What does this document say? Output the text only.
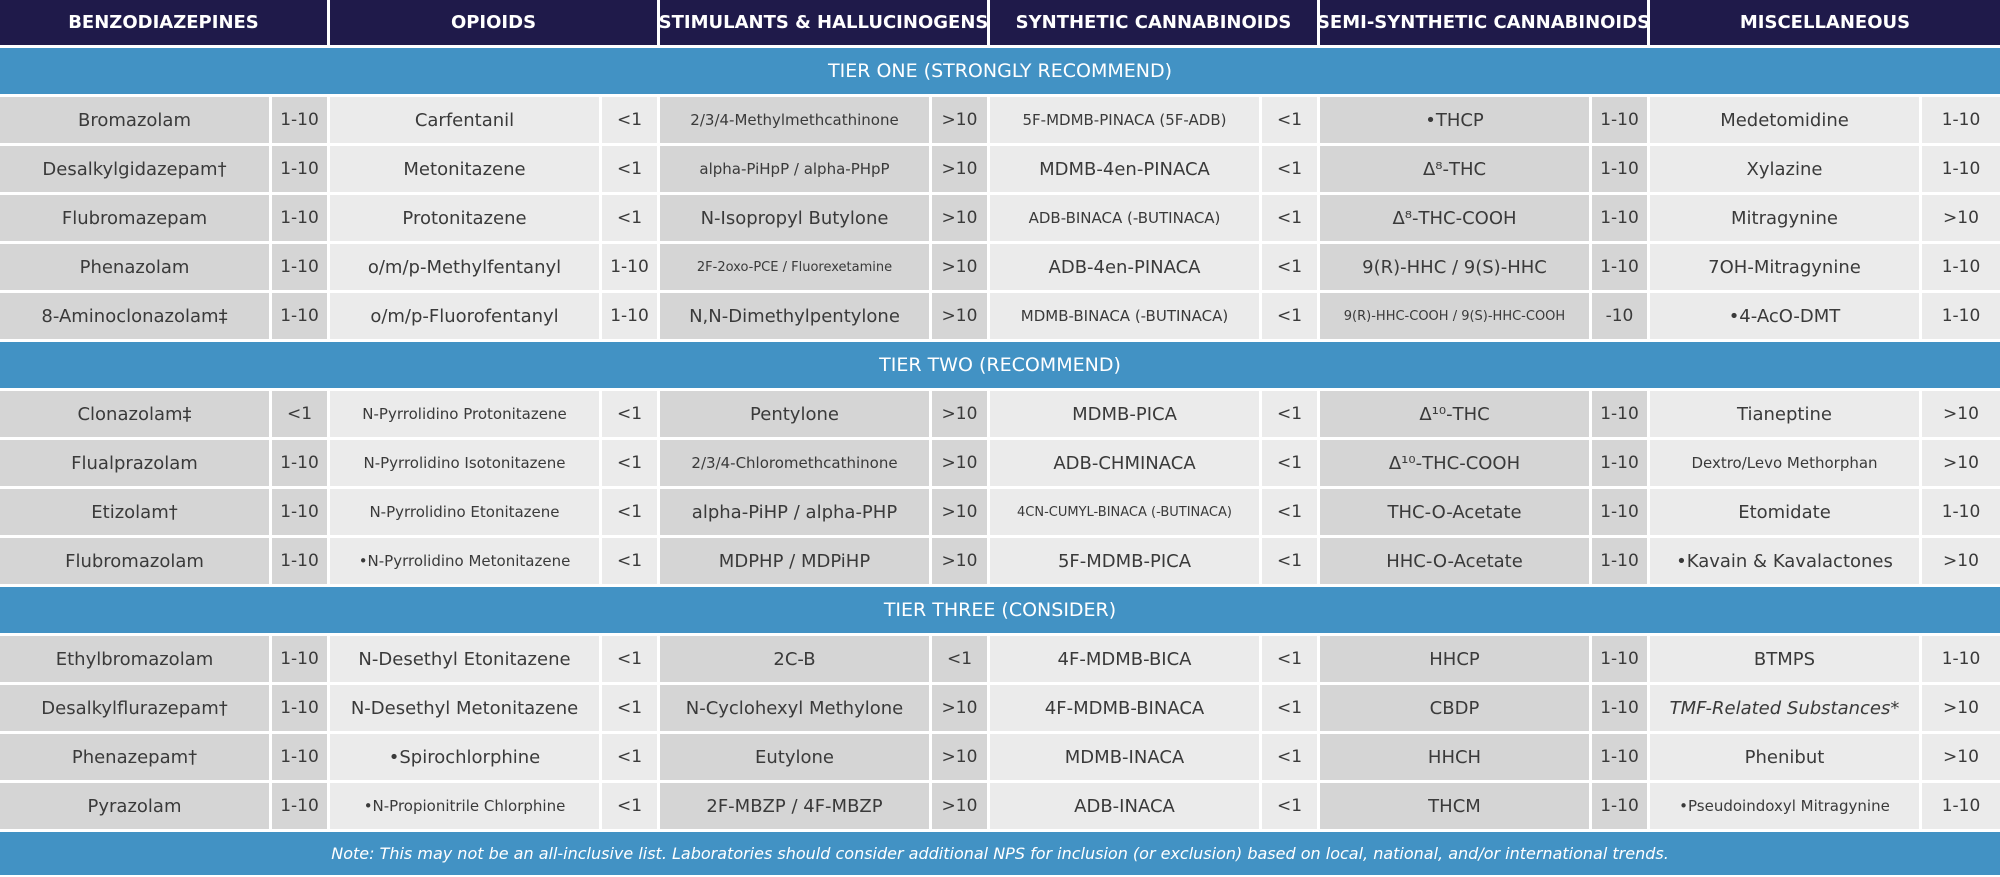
BENZODIAZEPINES	OPIOIDS	STIMULANTS & HALLUCINOGENS	SYNTHETIC CANNABINOIDS	SEMI-SYNTHETIC CANNABINOIDS	MISCELLANEOUS
TIER ONE (STRONGLY RECOMMEND)
Bromazolam	1-10	Carfentanil	<1	2/3/4-Methylmethcathinone	>10	5F-MDMB-PINACA (5F-ADB)	<1	•THCP	1-10	Medetomidine	1-10
Desalkylgidazepam†	1-10	Metonitazene	<1	alpha-PiHpP / alpha-PHpP	>10	MDMB-4en-PINACA	<1	Δ⁸-THC	1-10	Xylazine	1-10
Flubromazepam	1-10	Protonitazene	<1	N-Isopropyl Butylone	>10	ADB-BINACA (-BUTINACA)	<1	Δ⁸-THC-COOH	1-10	Mitragynine	>10
Phenazolam	1-10	o/m/p-Methylfentanyl	1-10	2F-2oxo-PCE / Fluorexetamine	>10	ADB-4en-PINACA	<1	9(R)-HHC / 9(S)-HHC	1-10	7OH-Mitragynine	1-10
8-Aminoclonazolam‡	1-10	o/m/p-Fluorofentanyl	1-10	N,N-Dimethylpentylone	>10	MDMB-BINACA (-BUTINACA)	<1	9(R)-HHC-COOH / 9(S)-HHC-COOH	-10	•4-AcO-DMT	1-10
TIER TWO (RECOMMEND)
Clonazolam‡	<1	N-Pyrrolidino Protonitazene	<1	Pentylone	>10	MDMB-PICA	<1	Δ¹⁰-THC	1-10	Tianeptine	>10
Flualprazolam	1-10	N-Pyrrolidino Isotonitazene	<1	2/3/4-Chloromethcathinone	>10	ADB-CHMINACA	<1	Δ¹⁰-THC-COOH	1-10	Dextro/Levo Methorphan	>10
Etizolam†	1-10	N-Pyrrolidino Etonitazene	<1	alpha-PiHP / alpha-PHP	>10	4CN-CUMYL-BINACA (-BUTINACA)	<1	THC-O-Acetate	1-10	Etomidate	1-10
Flubromazolam	1-10	•N-Pyrrolidino Metonitazene	<1	MDPHP / MDPiHP	>10	5F-MDMB-PICA	<1	HHC-O-Acetate	1-10	•Kavain & Kavalactones	>10
TIER THREE (CONSIDER)
Ethylbromazolam	1-10	N-Desethyl Etonitazene	<1	2C-B	<1	4F-MDMB-BICA	<1	HHCP	1-10	BTMPS	1-10
Desalkylflurazepam†	1-10	N-Desethyl Metonitazene	<1	N-Cyclohexyl Methylone	>10	4F-MDMB-BINACA	<1	CBDP	1-10	TMF-Related Substances*	>10
Phenazepam†	1-10	•Spirochlorphine	<1	Eutylone	>10	MDMB-INACA	<1	HHCH	1-10	Phenibut	>10
Pyrazolam	1-10	•N-Propionitrile Chlorphine	<1	2F-MBZP / 4F-MBZP	>10	ADB-INACA	<1	THCM	1-10	•Pseudoindoxyl Mitragynine	1-10
Note: This may not be an all-inclusive list. Laboratories should consider additional NPS for inclusion (or exclusion) based on local, national, and/or international trends.
